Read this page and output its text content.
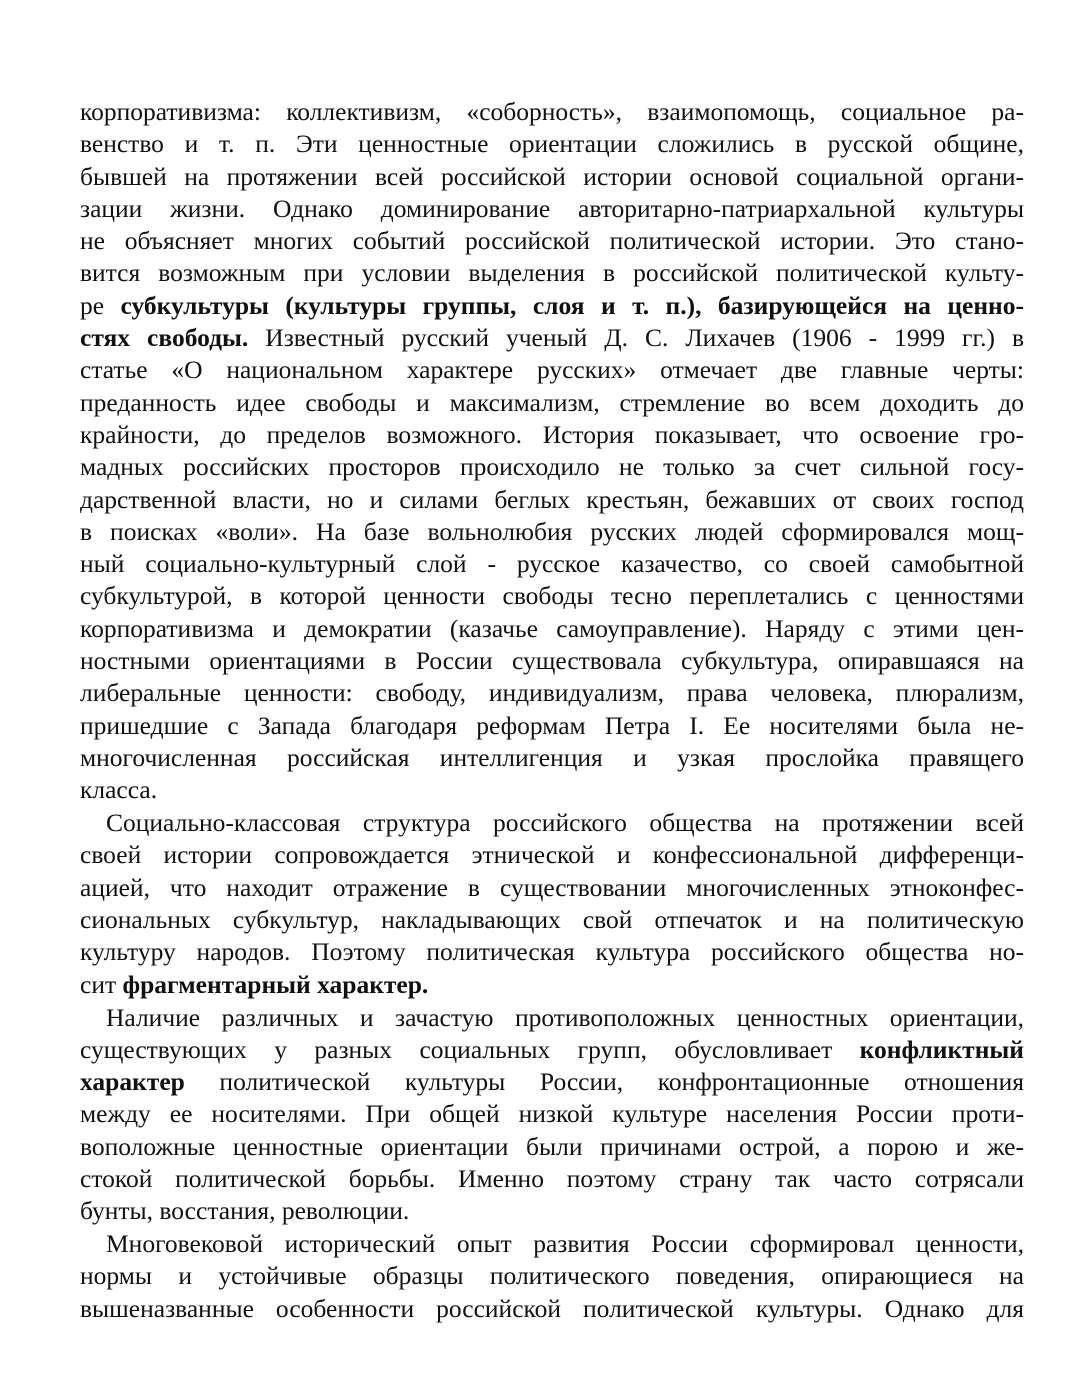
корпоративизма: коллективизм, «соборность», взаимопомощь, социальное ра-
венство и т. п. Эти ценностные ориентации сложились в русской общине,
бывшей на протяжении всей российской истории основой социальной органи-
зации жизни. Однако доминирование авторитарно-патриархальной культуры
не объясняет многих событий российской политической истории. Это стано-
вится возможным при условии выделения в российской политической культу-
ре субкультуры (культуры группы, слоя и т. п.), базирующейся на ценно-
стях свободы. Известный русский ученый Д. С. Лихачев (1906 - 1999 гг.) в
статье «О национальном характере русских» отмечает две главные черты:
преданность идее свободы и максимализм, стремление во всем доходить до
крайности, до пределов возможного. История показывает, что освоение гро-
мадных российских просторов происходило не только за счет сильной госу-
дарственной власти, но и силами беглых крестьян, бежавших от своих господ
в поисках «воли». На базе вольнолюбия русских людей сформировался мощ-
ный социально-культурный слой - русское казачество, со своей самобытной
субкультурой, в которой ценности свободы тесно переплетались с ценностями
корпоративизма и демократии (казачье самоуправление). Наряду с этими цен-
ностными ориентациями в России существовала субкультура, опиравшаяся на
либеральные ценности: свободу, индивидуализм, права человека, плюрализм,
пришедшие с Запада благодаря реформам Петра I. Ее носителями была не-
многочисленная российская интеллигенция и узкая прослойка правящего
класса.
Социально-классовая структура российского общества на протяжении всей
своей истории сопровождается этнической и конфессиональной дифференци-
ацией, что находит отражение в существовании многочисленных этноконфес-
сиональных субкультур, накладывающих свой отпечаток и на политическую
культуру народов. Поэтому политическая культура российского общества но-
сит фрагментарный характер.
Наличие различных и зачастую противоположных ценностных ориентации,
существующих у разных социальных групп, обусловливает конфликтный
характер политической культуры России, конфронтационные отношения
между ее носителями. При общей низкой культуре населения России проти-
воположные ценностные ориентации были причинами острой, а порою и же-
стокой политической борьбы. Именно поэтому страну так часто сотрясали
бунты, восстания, революции.
Многовековой исторический опыт развития России сформировал ценности,
нормы и устойчивые образцы политического поведения, опирающиеся на
вышеназванные особенности российской политической культуры. Однако для
